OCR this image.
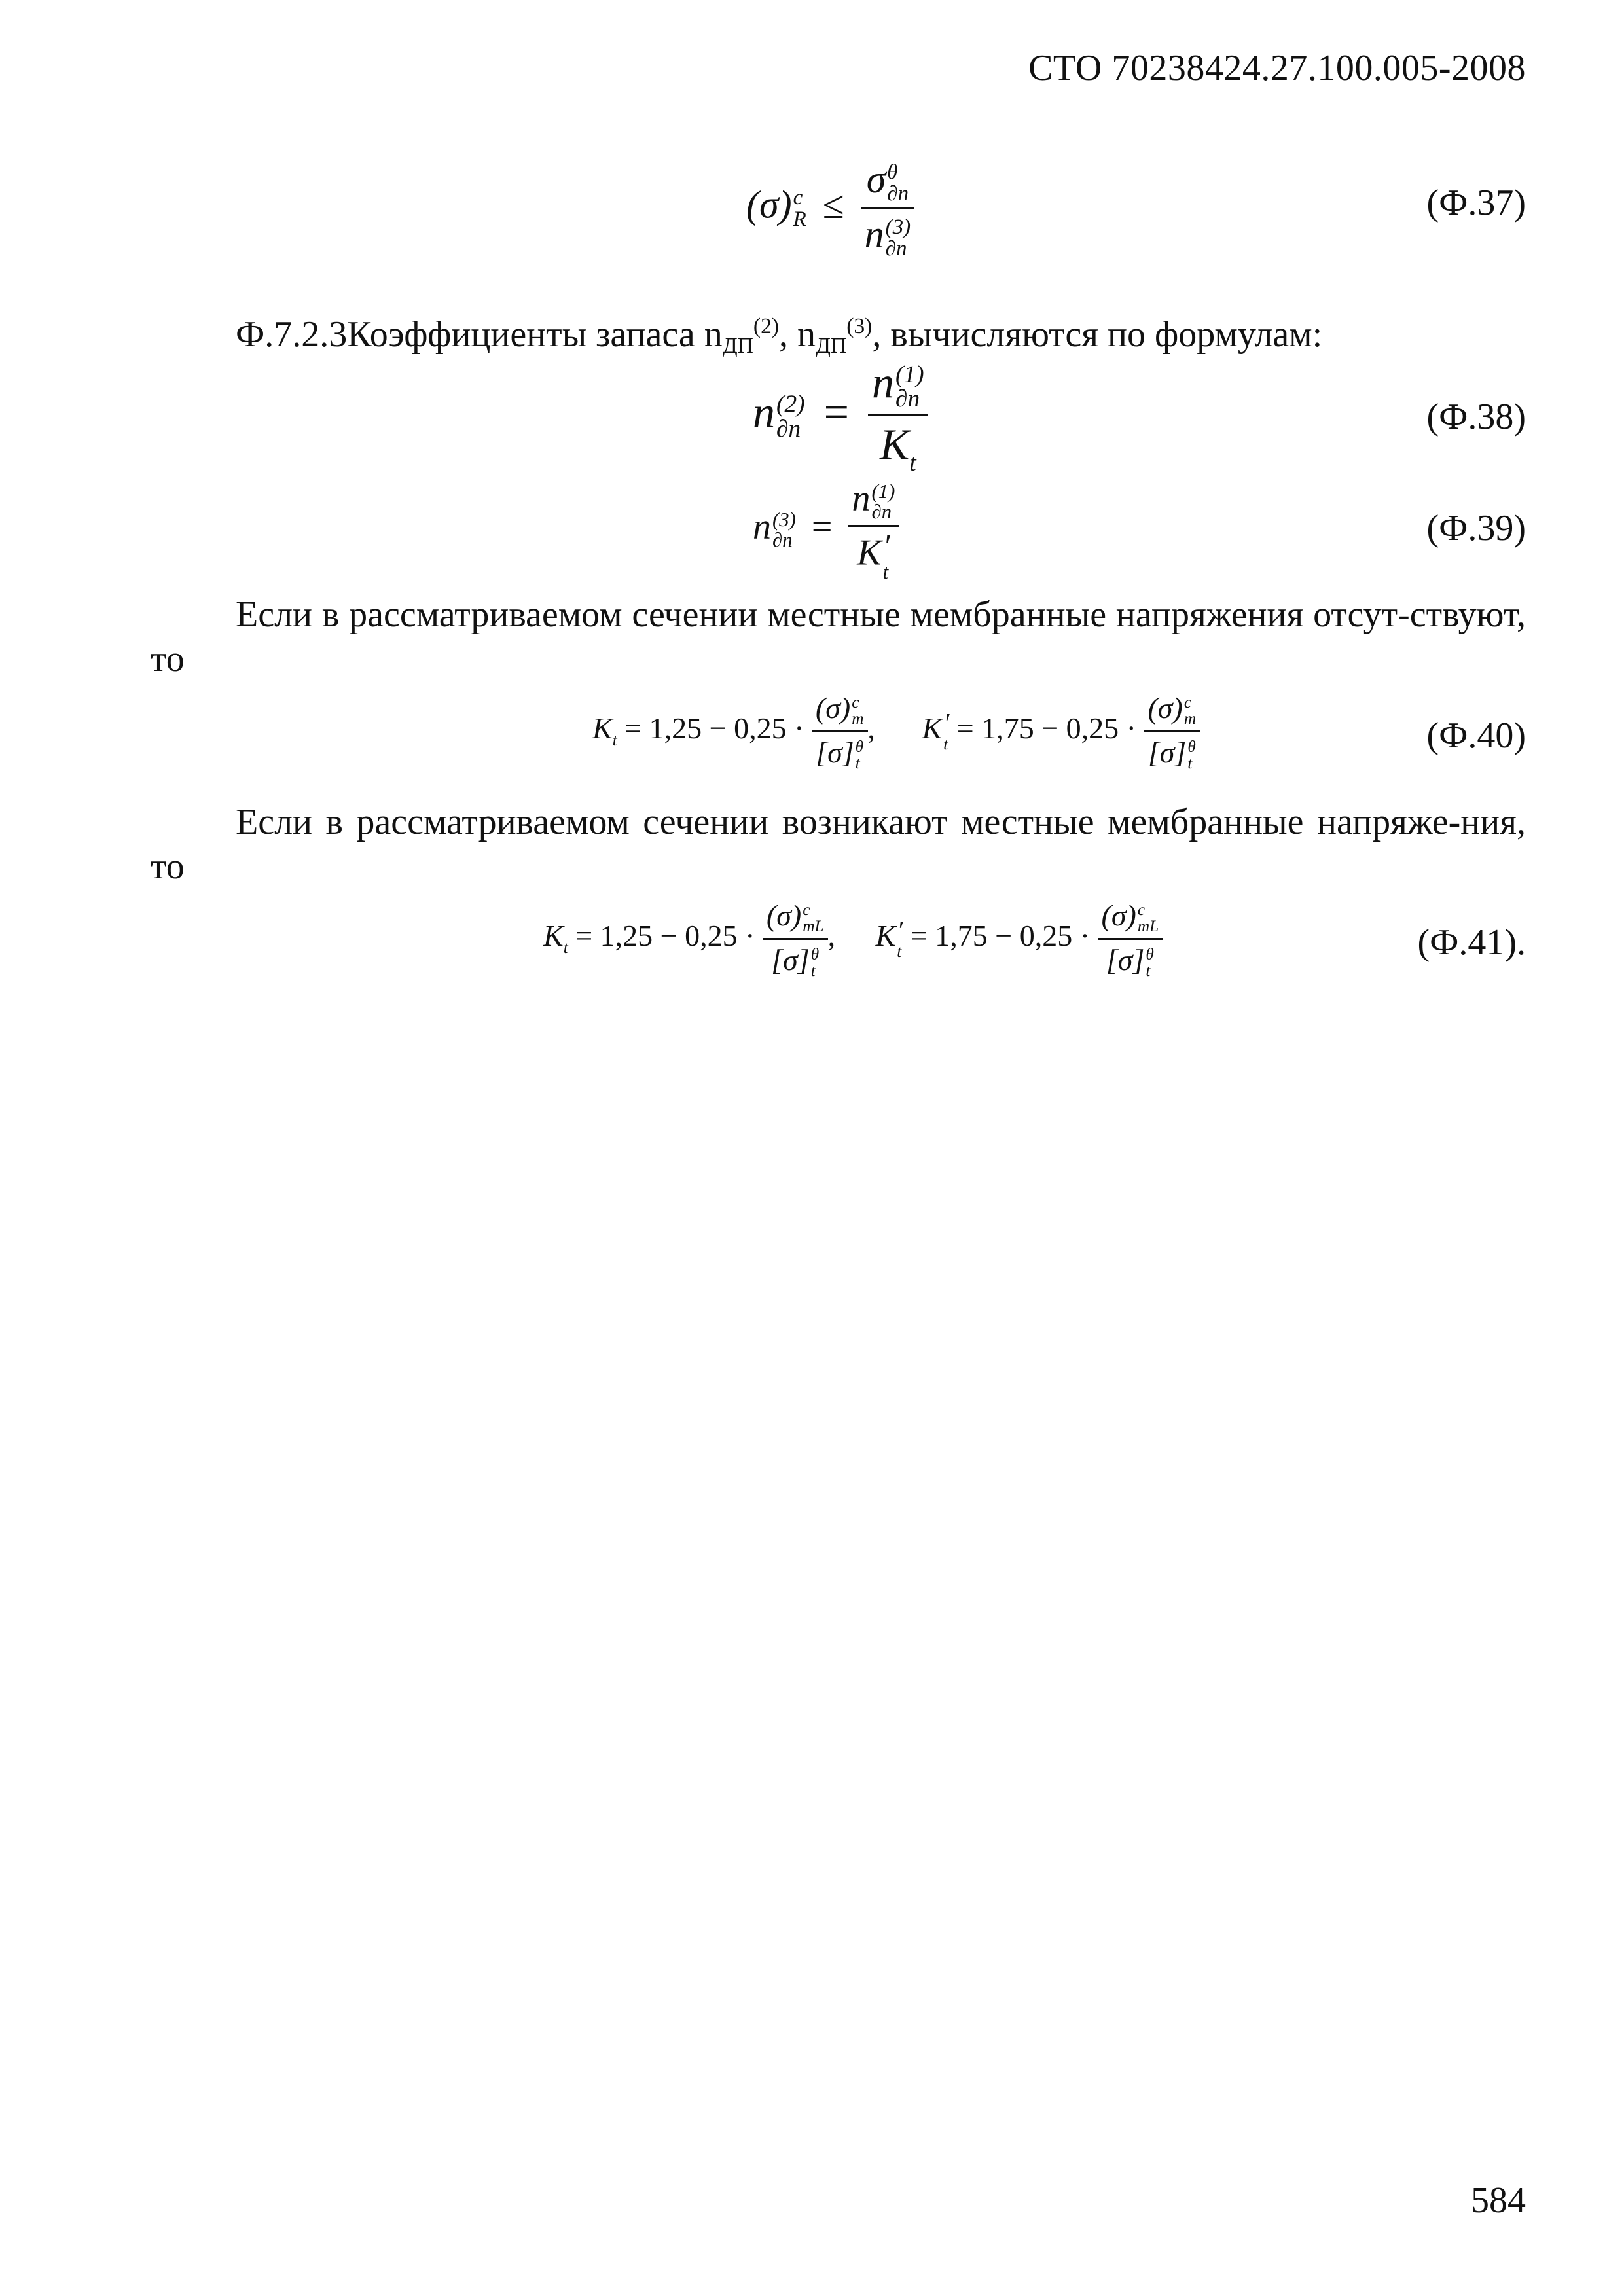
СТО 70238424.27.100.005-2008
(σ) c
R ≤ σ θ
∂n
n (3)
∂n	(Ф.37)
Ф.7.2.3Коэффициенты запаса nДП$^{(2)}$, nДП$^{(3)}$, вычисляются по формулам:
n (2)
∂n = n (1)
∂n
$K_t$	(Ф.38)
n (3)
∂n = n (1)
∂n
K ′
t	(Ф.39)
Если в рассматриваемом сечении местные мембранные напряжения отсут-ствуют, то
$K_t = 1,25 - 0,25 \cdot (\sigma)$ c
m
[σ] θ
t , K ′
t = 1,75 − 0,25 · (σ) c
m
[σ] θ
t	(Ф.40)
Если в рассматриваемом сечении возникают местные мембранные напряже-ния, то
$K_t = 1,25 - 0,25 \cdot (\sigma)$ c
mL
[σ] θ
t , K ′
t = 1,75 − 0,25 · (σ) c
mL
[σ] θ
t	(Ф.41).
584
